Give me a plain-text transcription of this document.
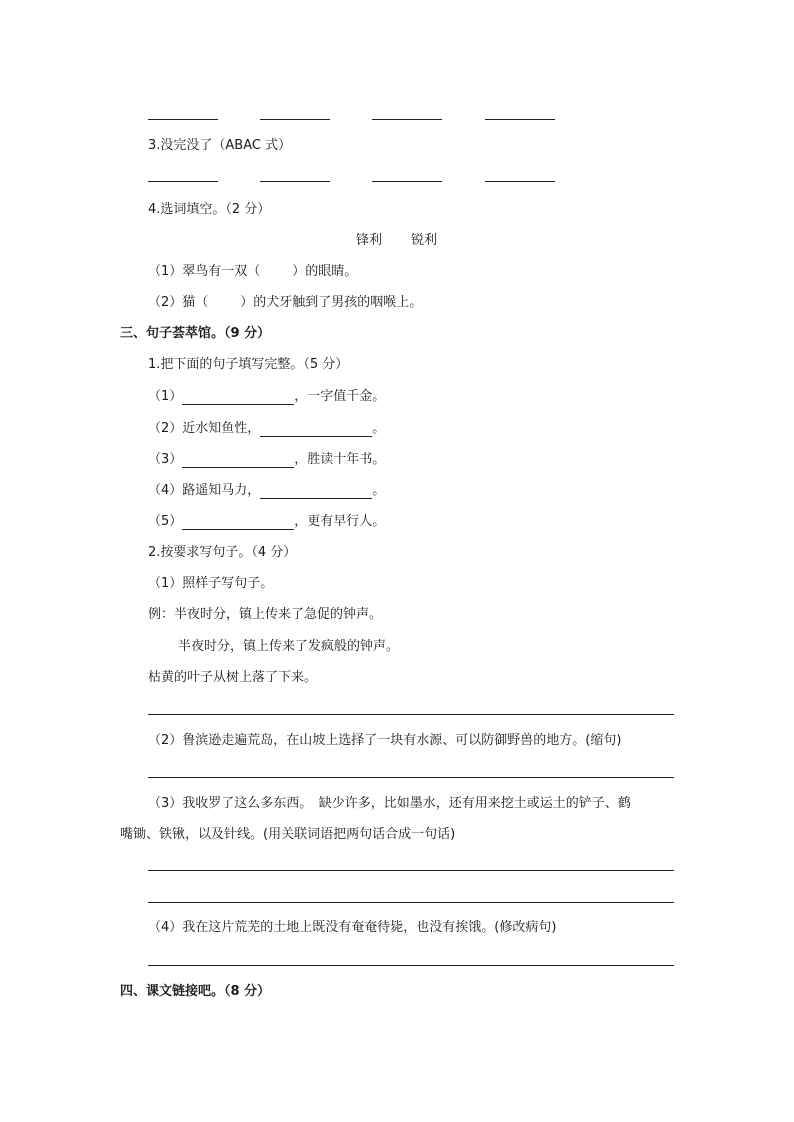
3.没完没了（ABAC 式）
4.选词填空。（2 分）
锋利 锐利
（1）翠鸟有一双（ ）的眼睛。
（2）猫（ ）的犬牙触到了男孩的咽喉上。
三、句子荟萃馆。（9 分）
1.把下面的句子填写完整。（5 分）
（1）	，一字值千金。
（2）近水知鱼性，	。
（3）	，胜读十年书。
（4）路遥知马力，	。
（5）	，更有早行人。
2.按要求写句子。（4 分）
（1）照样子写句子。
例：半夜时分，镇上传来了急促的钟声。
半夜时分，镇上传来了发疯般的钟声。
枯黄的叶子从树上落了下来。
（2）鲁滨逊走遍荒岛，在山坡上选择了一块有水源、可以防御野兽的地方。(缩句)
（3）我收罗了这么多东西。　缺少许多，比如墨水，还有用来挖土或运土的铲子、鹤
嘴锄、铁锹，以及针线。(用关联词语把两句话合成一句话)
（4）我在这片荒芜的土地上既没有奄奄待毙，也没有挨饿。(修改病句)
四、课文链接吧。（8 分）
